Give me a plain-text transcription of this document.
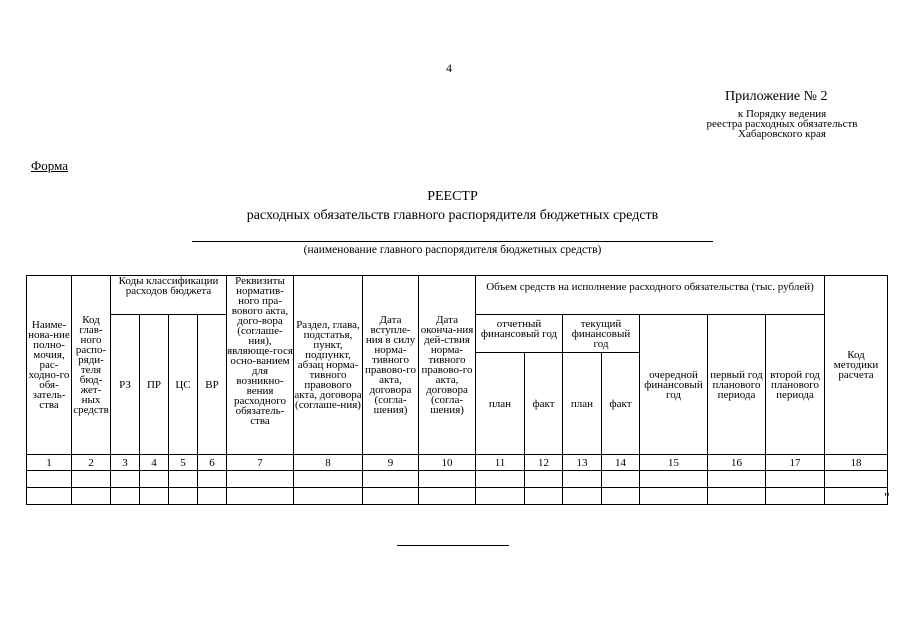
4
Приложение № 2
к Порядку ведения
реестра расходных обязательств
Хабаровского края
Форма
РЕЕСТР
расходных обязательств главного распорядителя бюджетных средств
(наименование главного распорядителя бюджетных средств)
Наиме-нова-ние полно-мочия, рас-ходно-го обя-затель-ства	Код глав-ного распо-ряди-теля бюд-жет-ных средств	Коды классификации расходов бюджета				Реквизиты норматив-ного пра-вового акта, дого-вора (соглаше-ния), являюще-гося осно-ванием для возникно-вения расходного обязатель-ства	Раздел, глава, подстатья, пункт, подпункт, абзац норма-тивного правового акта, договора (соглаше-ния)	Дата вступле-ния в силу норма-тивного правово-го акта, договора (согла-шения)	Дата оконча-ния дей-ствия норма-тивного правово-го акта, договора (согла-шения)	Объем средств на исполнение расходного обязательства (тыс. рублей)							Код методики расчета
		РЗ	ПР	ЦС	ВР					отчетный финансовый год		текущий финансовый год		очередной финансовый год	первый год планового периода	второй год планового периода	
										план	факт	план	факт				
1	2	3	4	5	6	7	8	9	10	11	12	13	14	15	16	17	18

"
